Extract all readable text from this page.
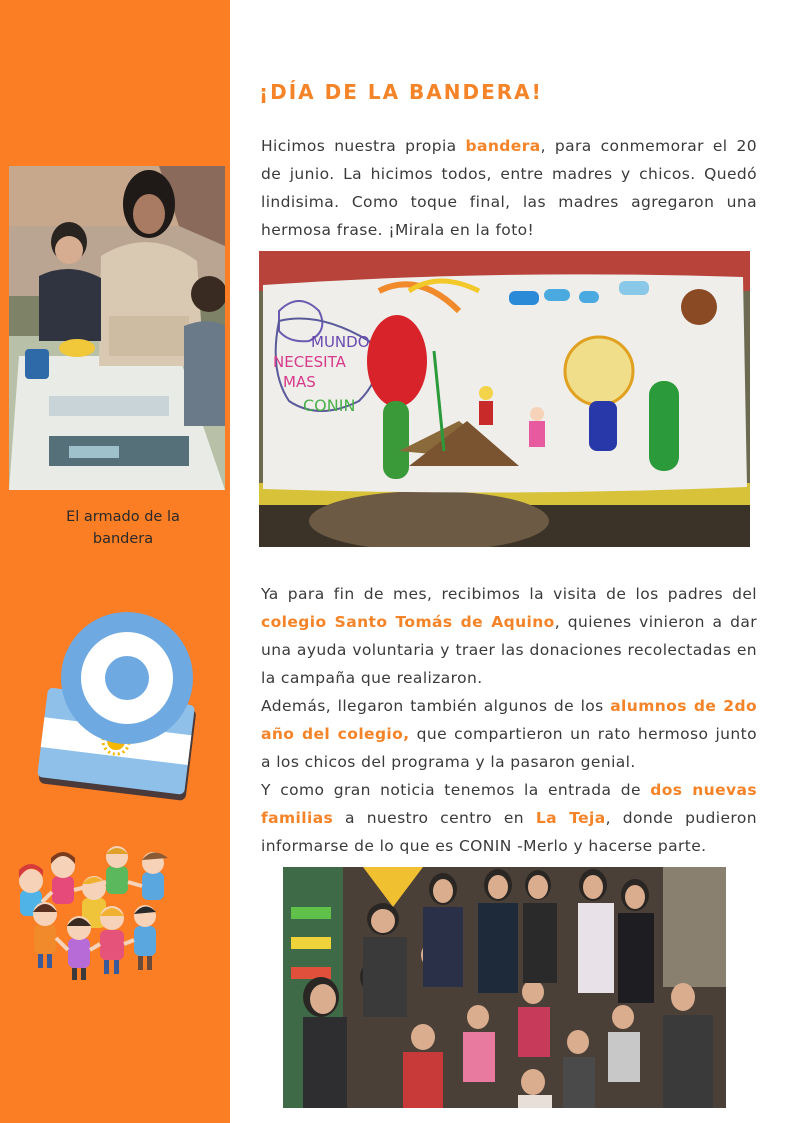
El armado de la bandera
¡DÍA DE LA BANDERA!

Hicimos nuestra propia bandera, para conmemorar el 20 de junio. La hicimos todos, entre madres y chicos. Quedó lindisima. Como toque final, las madres agregaron una hermosa frase. ¡Mirala en la foto!

MUNDO
NECESITA
MAS
CONIN

Ya para fin de mes, recibimos la visita de los padres del colegio Santo Tomás de Aquino, quienes vinieron a dar una ayuda voluntaria y traer las donaciones recolectadas en la campaña que realizaron.
Además, llegaron también algunos de los alumnos de 2do año del colegio, que compartieron un rato hermoso junto a los chicos del programa y la pasaron genial.
Y como gran noticia tenemos la entrada de dos nuevas familias a nuestro centro en La Teja, donde pudieron informarse de lo que es CONIN -Merlo y hacerse parte.
